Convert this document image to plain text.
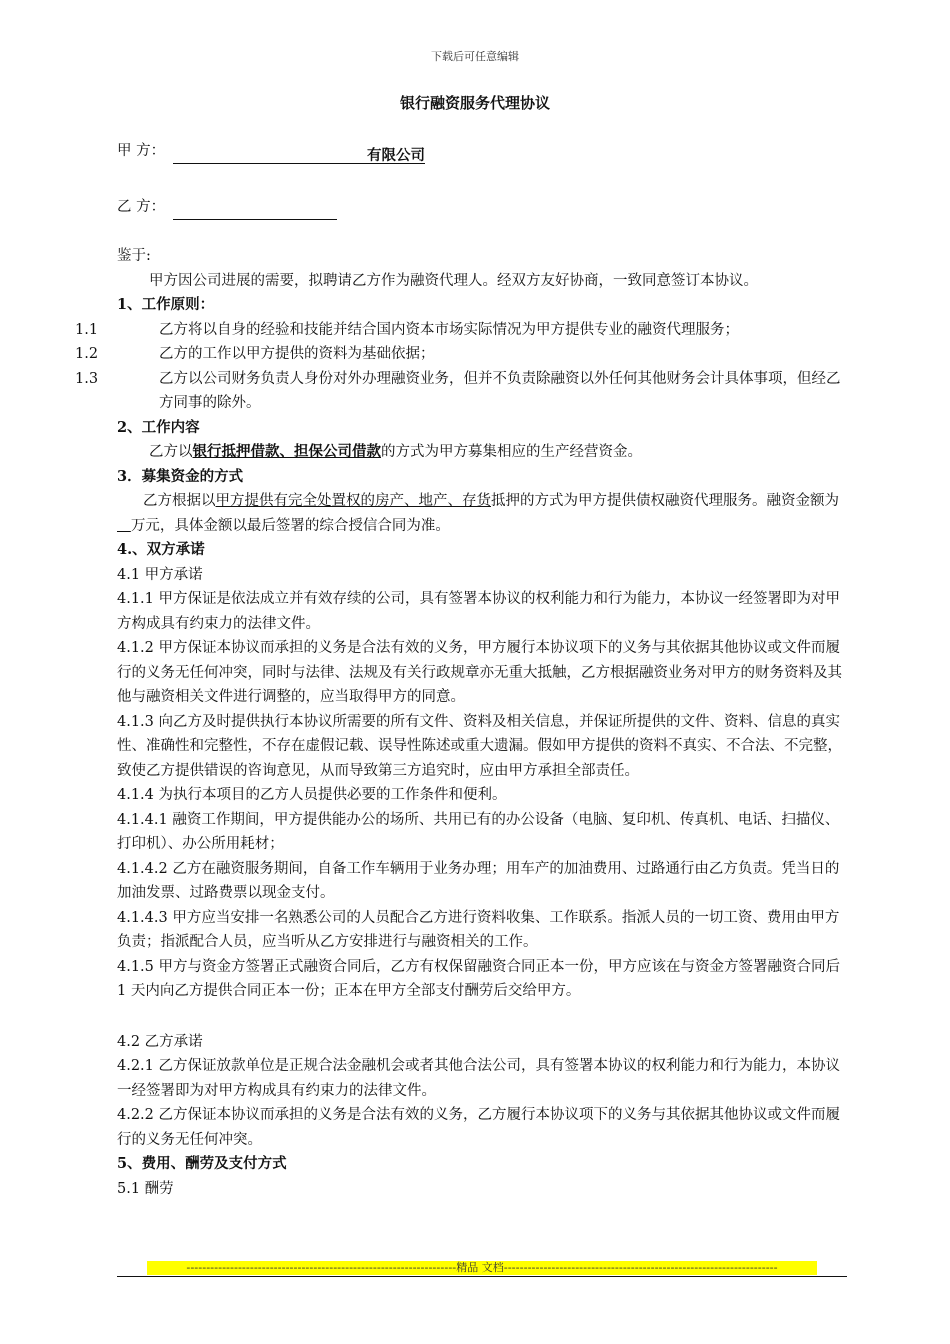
下载后可任意编辑
银行融资服务代理协议
甲 方：	有限公司
乙 方：

鉴于:

甲方因公司进展的需要，拟聘请乙方作为融资代理人。经双方友好协商，一致同意签订本协议。

1、工作原则：

1.1	乙方将以自身的经验和技能并结合国内资本市场实际情况为甲方提供专业的融资代理服务；

1.2	乙方的工作以甲方提供的资料为基础依据；

1.3	乙方以公司财务负责人身份对外办理融资业务，但并不负责除融资以外任何其他财务会计具体事项，但经乙方同事的除外。

2、工作内容

乙方以银行抵押借款、担保公司借款的方式为甲方募集相应的生产经营资金。

3．募集资金的方式

乙方根据以甲方提供有完全处置权的房产、地产、存货抵押的方式为甲方提供债权融资代理服务。融资金额为   万元，具体金额以最后签署的综合授信合同为准。

4.、双方承诺

4.1 甲方承诺

4.1.1 甲方保证是依法成立并有效存续的公司，具有签署本协议的权利能力和行为能力，本协议一经签署即为对甲方构成具有约束力的法律文件。

4.1.2 甲方保证本协议而承担的义务是合法有效的义务，甲方履行本协议项下的义务与其依据其他协议或文件而履行的义务无任何冲突，同时与法律、法规及有关行政规章亦无重大抵触，乙方根据融资业务对甲方的财务资料及其他与融资相关文件进行调整的，应当取得甲方的同意。

4.1.3 向乙方及时提供执行本协议所需要的所有文件、资料及相关信息，并保证所提供的文件、资料、信息的真实性、准确性和完整性，不存在虚假记载、误导性陈述或重大遗漏。假如甲方提供的资料不真实、不合法、不完整，致使乙方提供错误的咨询意见，从而导致第三方追究时，应由甲方承担全部责任。

4.1.4 为执行本项目的乙方人员提供必要的工作条件和便利。

4.1.4.1 融资工作期间，甲方提供能办公的场所、共用已有的办公设备（电脑、复印机、传真机、电话、扫描仪、打印机）、办公所用耗材；

4.1.4.2 乙方在融资服务期间，自备工作车辆用于业务办理；用车产的加油费用、过路通行由乙方负责。凭当日的加油发票、过路费票以现金支付。

4.1.4.3 甲方应当安排一名熟悉公司的人员配合乙方进行资料收集、工作联系。指派人员的一切工资、费用由甲方负责；指派配合人员，应当听从乙方安排进行与融资相关的工作。

4.1.5 甲方与资金方签署正式融资合同后，乙方有权保留融资合同正本一份，甲方应该在与资金方签署融资合同后 1 天内向乙方提供合同正本一份；正本在甲方全部支付酬劳后交给甲方。

4.2 乙方承诺

4.2.1 乙方保证放款单位是正规合法金融机会或者其他合法公司，具有签署本协议的权利能力和行为能力，本协议一经签署即为对甲方构成具有约束力的法律文件。

4.2.2 乙方保证本协议而承担的义务是合法有效的义务，乙方履行本协议项下的义务与其依据其他协议或文件而履行的义务无任何冲突。

5、费用、酬劳及支付方式

5.1 酬劳

--------------------------------------------------------------------精品 文档---------------------------------------------------------------------
